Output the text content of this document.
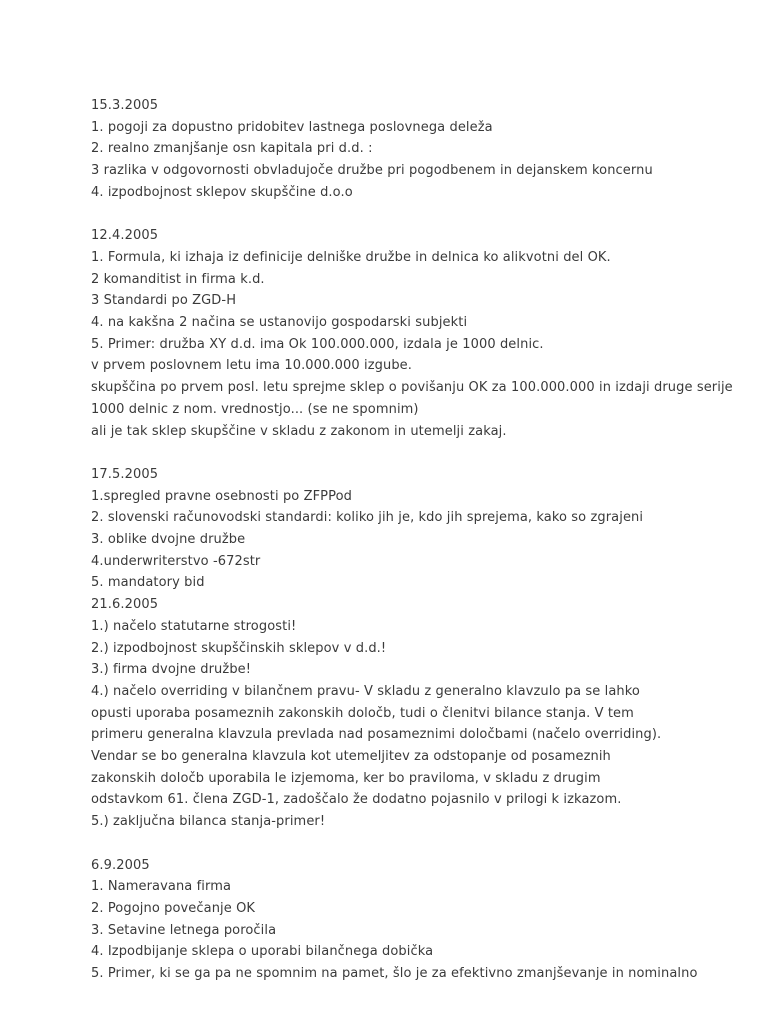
15.3.2005
1. pogoji za dopustno pridobitev lastnega poslovnega deleža
2. realno zmanjšanje osn kapitala pri d.d. :
3 razlika v odgovornosti obvladujoče družbe pri pogodbenem in dejanskem koncernu
4. izpodbojnost sklepov skupščine d.o.o
12.4.2005
1. Formula, ki izhaja iz definicije delniške družbe in delnica ko alikvotni del OK.
2 komanditist in firma k.d.
3 Standardi po ZGD-H
4. na kakšna 2 načina se ustanovijo gospodarski subjekti
5. Primer: družba XY d.d. ima Ok 100.000.000, izdala je 1000 delnic.
v prvem poslovnem letu ima 10.000.000 izgube.
skupščina po prvem posl. letu sprejme sklep o povišanju OK za 100.000.000 in izdaji druge serije
1000 delnic z nom. vrednostjo... (se ne spomnim)
ali je tak sklep skupščine v skladu z zakonom in utemelji zakaj.
17.5.2005
1.spregled pravne osebnosti po ZFPPod
2. slovenski računovodski standardi: koliko jih je, kdo jih sprejema, kako so zgrajeni
3. oblike dvojne družbe
4.underwriterstvo -672str
5. mandatory bid
21.6.2005
1.) načelo statutarne strogosti!
2.) izpodbojnost skupščinskih sklepov v d.d.!
3.) firma dvojne družbe!
4.) načelo overriding v bilančnem pravu- V skladu z generalno klavzulo pa se lahko opusti uporaba posameznih zakonskih določb, tudi o členitvi bilance stanja. V tem primeru generalna klavzula prevlada nad posameznimi določbami (načelo overriding). Vendar se bo generalna klavzula kot utemeljitev za odstopanje od posameznih zakonskih določb uporabila le izjemoma, ker bo praviloma, v skladu z drugim odstavkom 61. člena ZGD-1, zadoščalo že dodatno pojasnilo v prilogi k izkazom.
5.) zaključna bilanca stanja-primer!
6.9.2005
1. Nameravana firma
2. Pogojno povečanje OK
3. Setavine letnega poročila
4. Izpodbijanje sklepa o uporabi bilančnega dobička
5. Primer, ki se ga pa ne spomnim na pamet, šlo je za efektivno zmanjševanje in nominalno
